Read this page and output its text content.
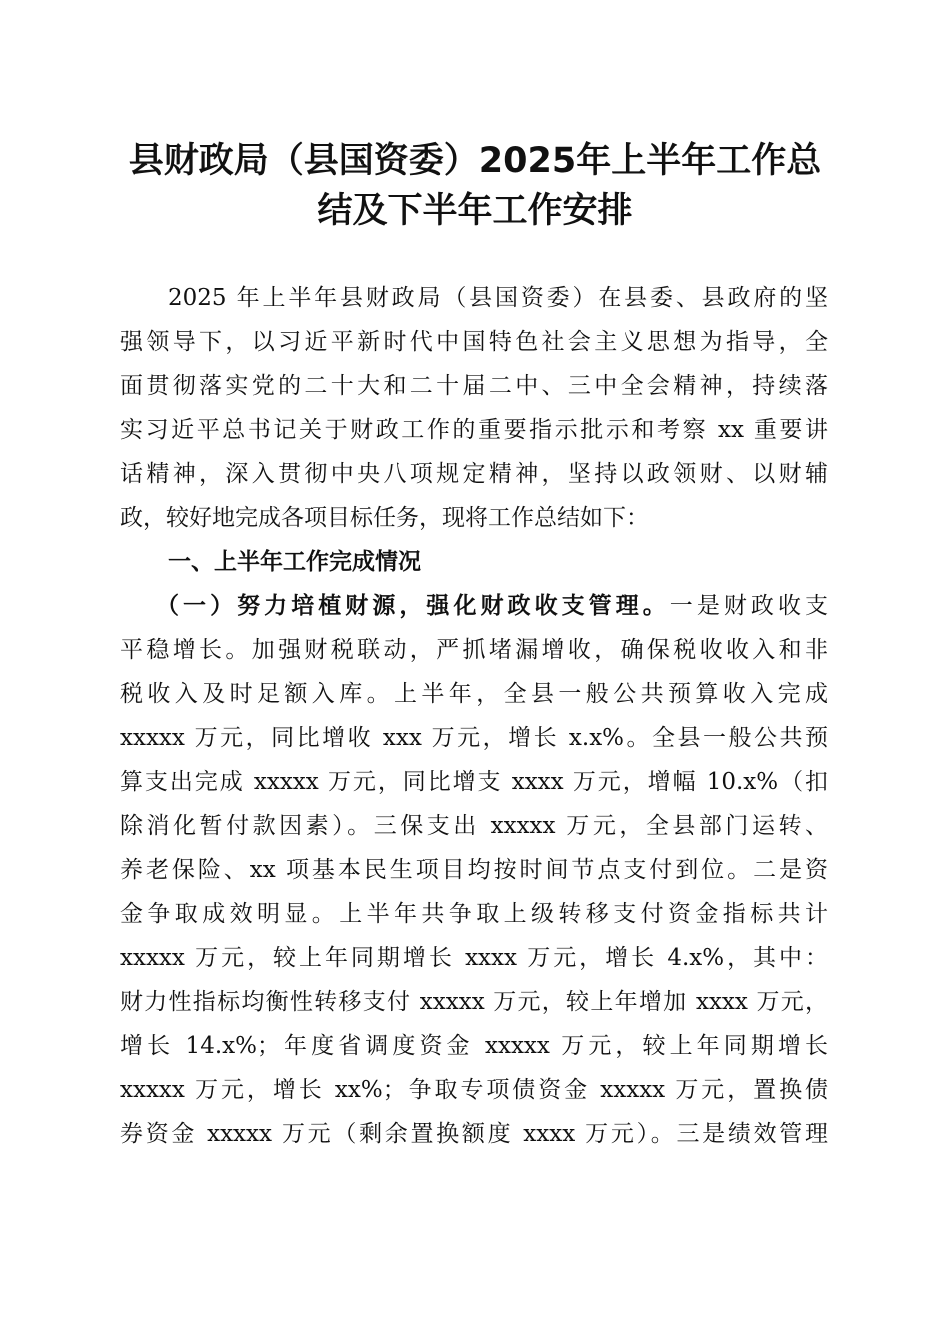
县财政局（县国资委）2025年上半年工作总
结及下半年工作安排
2025 年上半年县财政局（县国资委）在县委、县政府的坚
强领导下，以习近平新时代中国特色社会主义思想为指导，全
面贯彻落实党的二十大和二十届二中、三中全会精神，持续落
实习近平总书记关于财政工作的重要指示批示和考察 xx 重要讲
话精神，深入贯彻中央八项规定精神，坚持以政领财、以财辅
政，较好地完成各项目标任务，现将工作总结如下：
一、上半年工作完成情况
（一）努力培植财源，强化财政收支管理。一是财政收支
平稳增长。加强财税联动，严抓堵漏增收，确保税收收入和非
税收入及时足额入库。上半年，全县一般公共预算收入完成
xxxxx 万元，同比增收 xxx 万元，增长 x.x%。全县一般公共预
算支出完成 xxxxx 万元，同比增支 xxxx 万元，增幅 10.x%（扣
除消化暂付款因素）。三保支出 xxxxx 万元，全县部门运转、
养老保险、xx 项基本民生项目均按时间节点支付到位。二是资
金争取成效明显。上半年共争取上级转移支付资金指标共计
xxxxx 万元，较上年同期增长 xxxx 万元，增长 4.x%，其中：
财力性指标均衡性转移支付 xxxxx 万元，较上年增加 xxxx 万元，
增长 14.x%；年度省调度资金 xxxxx 万元，较上年同期增长
xxxxx 万元，增长 xx%；争取专项债资金 xxxxx 万元，置换债
券资金 xxxxx 万元（剩余置换额度 xxxx 万元）。三是绩效管理
